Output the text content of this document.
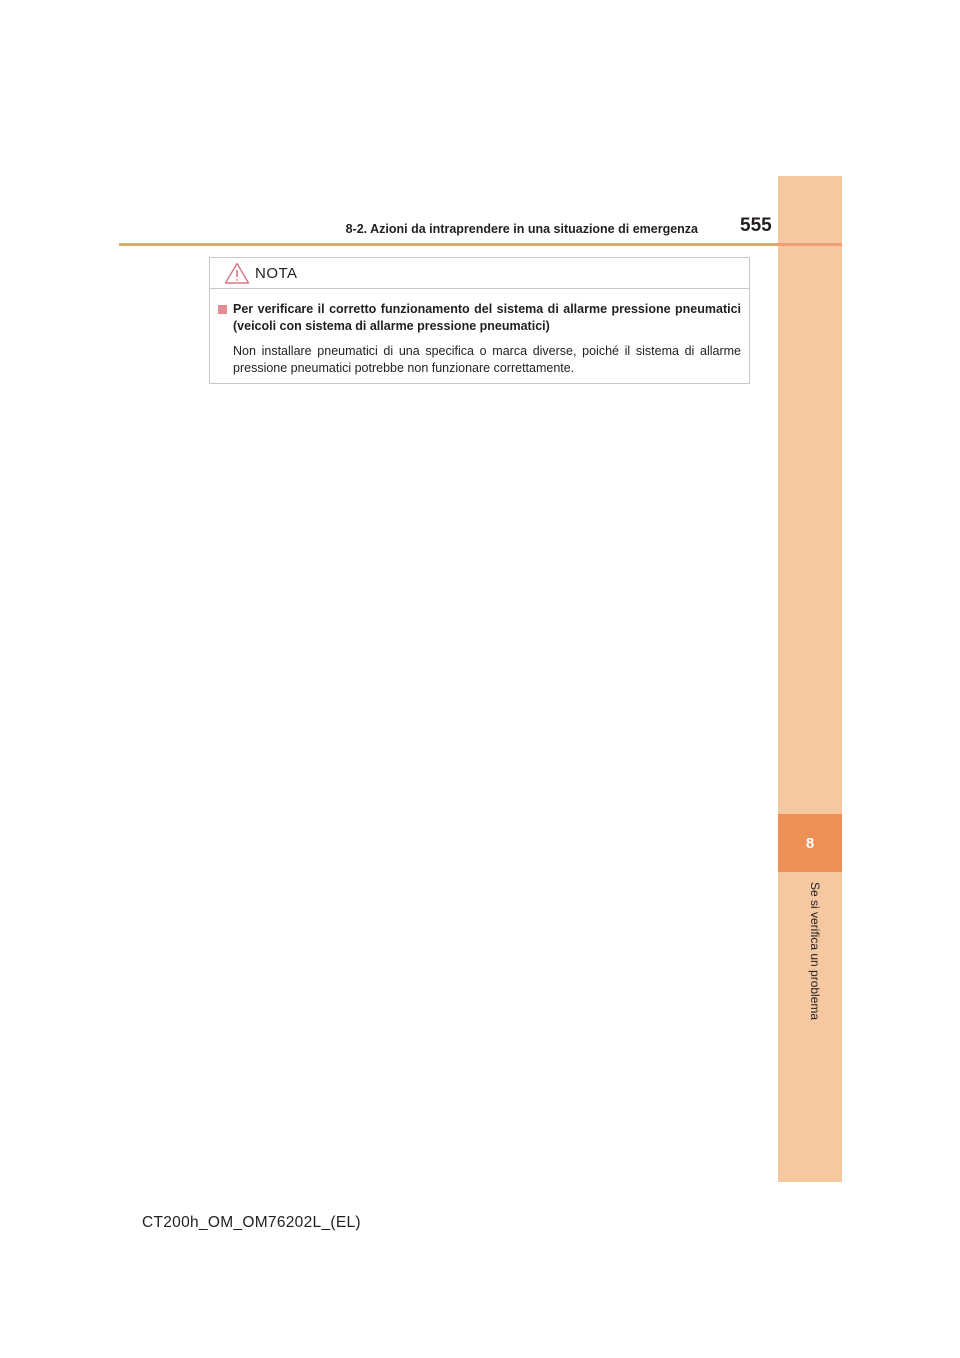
8
Se si verifica un problema
8-2. Azioni da intraprendere in una situazione di emergenza 555
NOTA
Per verificare il corretto funzionamento del sistema di allarme pressione pneumatici (veicoli con sistema di allarme pressione pneumatici)
Non installare pneumatici di una specifica o marca diverse, poiché il sistema di allarme pressione pneumatici potrebbe non funzionare correttamente.
CT200h_OM_OM76202L_(EL)
